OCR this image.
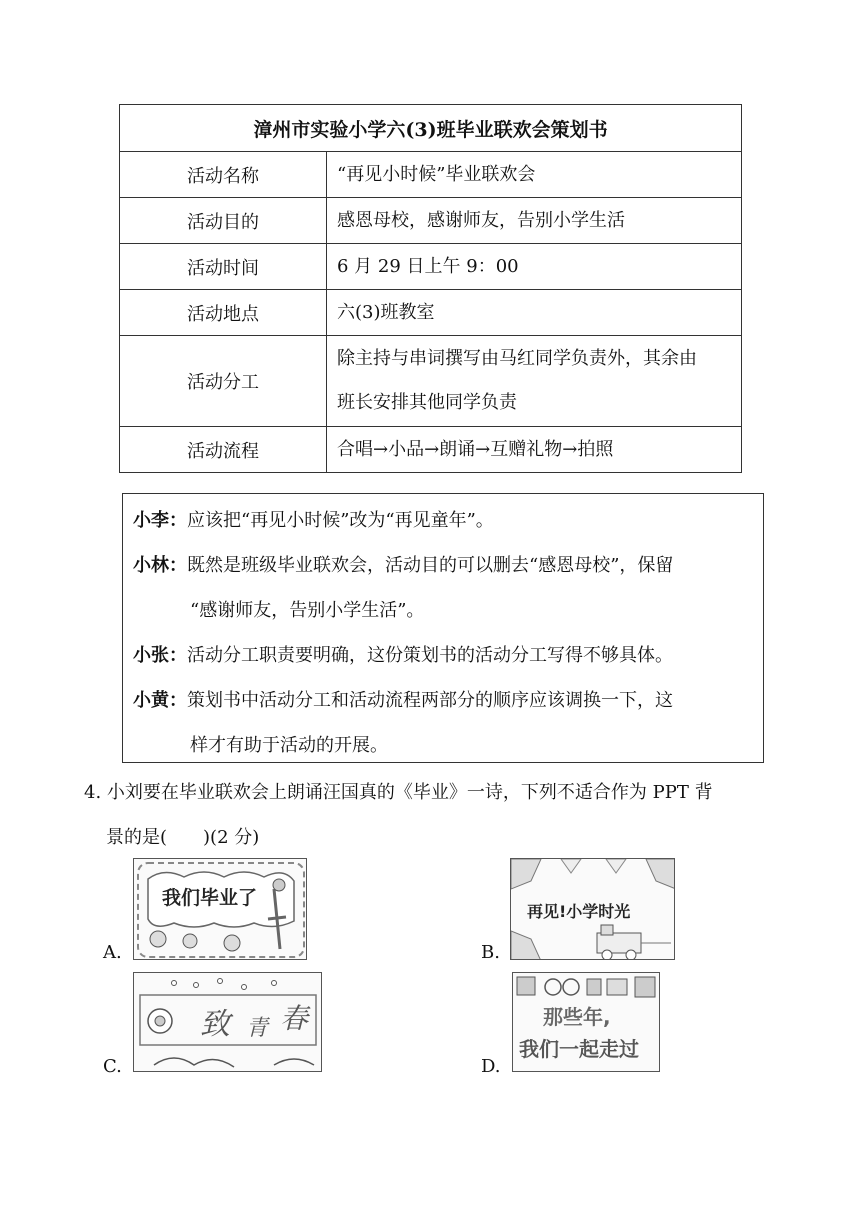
漳州市实验小学六(3)班毕业联欢会策划书	
活动名称	“再见小时候”毕业联欢会
活动目的	感恩母校，感谢师友，告别小学生活
活动时间	6 月 29 日上午 9：00
活动地点	六(3)班教室
活动分工	除主持与串词撰写由马红同学负责外，其余由
班长安排其他同学负责
活动流程	合唱→小品→朗诵→互赠礼物→拍照
小李：应该把“再见小时候”改为“再见童年”。
小林：既然是班级毕业联欢会，活动目的可以删去“感恩母校”，保留
“感谢师友，告别小学生活”。
小张：活动分工职责要明确，这份策划书的活动分工写得不够具体。
小黄：策划书中活动分工和活动流程两部分的顺序应该调换一下，这
样才有助于活动的开展。
4. 小刘要在毕业联欢会上朗诵汪国真的《毕业》一诗，下列不适合作为 PPT 背
景的是(　　)(2 分)
A.
我们毕业了
B.
再见!小学时光
C.
致 青 春
D.
那些年,
我们一起走过
